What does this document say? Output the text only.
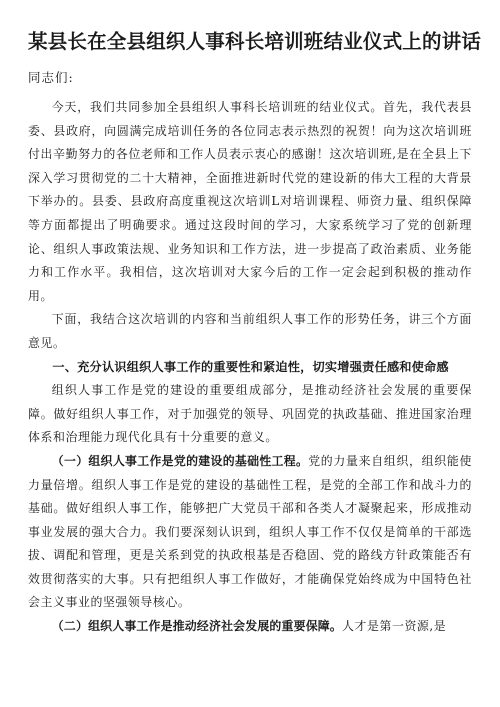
某县长在全县组织人事科长培训班结业仪式上的讲话
同志们:

今天，我们共同参加全县组织人事科长培训班的结业仪式。首先，我代表县委、县政府，向圆满完成培训任务的各位同志表示热烈的祝贺！向为这次培训班付出辛勤努力的各位老师和工作人员表示衷心的感谢！这次培训班,是在全县上下深入学习贯彻党的二十大精神，全面推进新时代党的建设新的伟大工程的大背景下举办的。县委、县政府高度重视这次培训L对培训课程、师资力量、组织保障等方面都提出了明确要求。通过这段时间的学习，大家系统学习了党的创新理论、组织人事政策法规、业务知识和工作方法，进一步提高了政治素质、业务能力和工作水平。我相信，这次培训对大家今后的工作一定会起到积极的推动作用。

下面，我结合这次培训的内容和当前组织人事工作的形势任务，讲三个方面意见。

一、充分认识组织人事工作的重要性和紧迫性，切实增强责任感和使命感

组织人事工作是党的建设的重要组成部分，是推动经济社会发展的重要保障。做好组织人事工作，对于加强党的领导、巩固党的执政基础、推进国家治理体系和治理能力现代化具有十分重要的意义。

（一）组织人事工作是党的建设的基础性工程。党的力量来自组织，组织能使力量倍增。组织人事工作是党的建设的基础性工程，是党的全部工作和战斗力的基础。做好组织人事工作，能够把广大党员干部和各类人才凝聚起来，形成推动事业发展的强大合力。我们要深刻认识到，组织人事工作不仅仅是简单的干部选拔、调配和管理，更是关系到党的执政根基是否稳固、党的路线方针政策能否有效贯彻落实的大事。只有把组织人事工作做好，才能确保党始终成为中国特色社会主义事业的坚强领导核心。

（二）组织人事工作是推动经济社会发展的重要保障。人才是第一资源,是
